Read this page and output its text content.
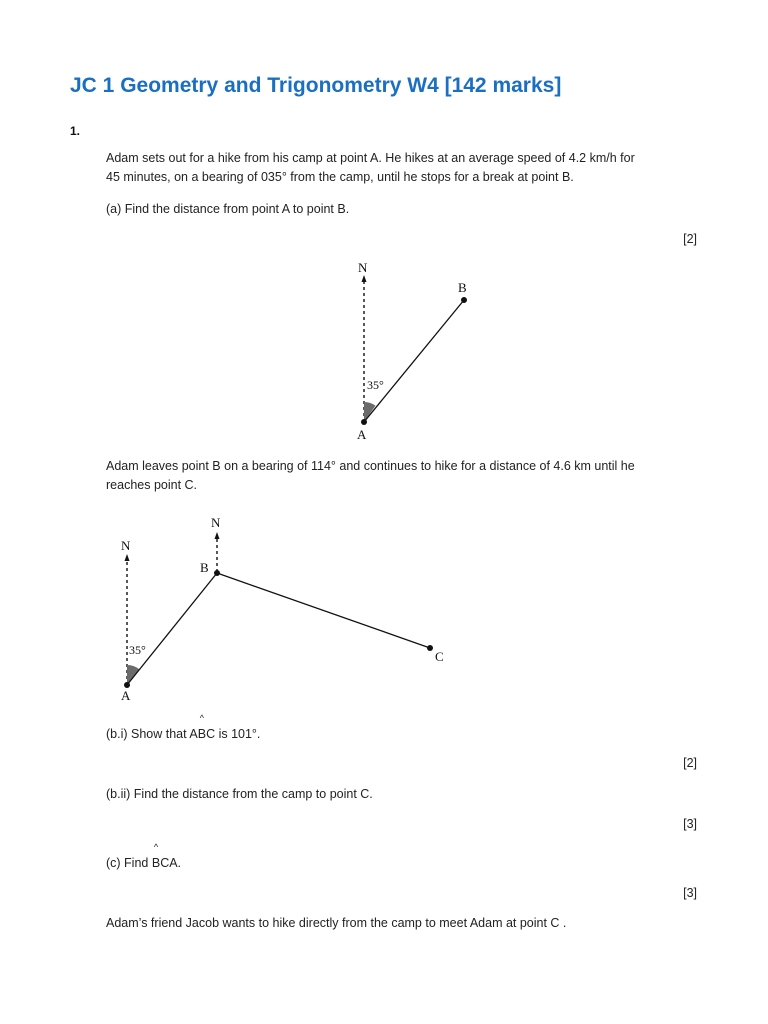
JC 1 Geometry and Trigonometry W4 [142 marks]
1.

Adam sets out for a hike from his camp at point A. He hikes at an average speed of 4.2 km/h for
45 minutes, on a bearing of 035° from the camp, until he stops for a break at point B.

(a) Find the distance from point A to point B.

[2]
N
35°
A
B

Adam leaves point B on a bearing of 114° and continues to hike for a distance of 4.6 km until he
reaches point C.

N
N
35°
A
B
C

(b.i) Show that A
^
BC is 101°.

[2]

(b.ii) Find the distance from the camp to point C.

[3]

(c) Find
^
BCA.

[3]

Adam’s friend Jacob wants to hike directly from the camp to meet Adam at point C .
